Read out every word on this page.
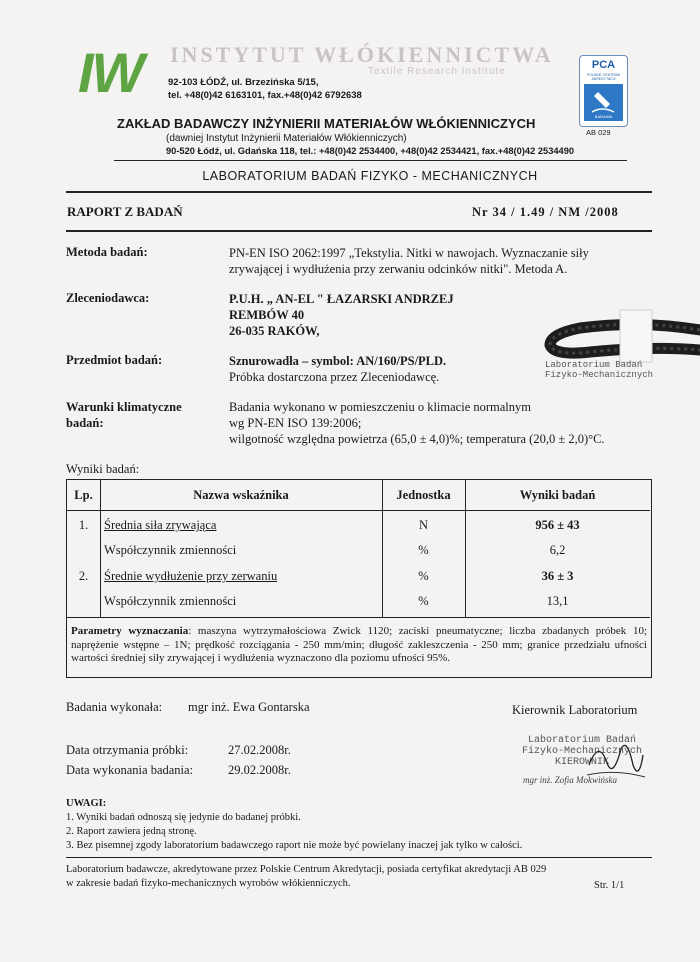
IW INSTYTUT WŁÓKIENNICTWA
Textile Research Institute
92-103 ŁÓDŹ, ul. Brzezińska 5/15,
tel. +48(0)42 6163101, fax.+48(0)42 6792638
PCA
POLSKIE CENTRUM AKREDYTACJI
BADANIA
AB 029
ZAKŁAD BADAWCZY INŻYNIERII MATERIAŁÓW WŁÓKIENNICZYCH
(dawniej Instytut Inżynierii Materiałów Włókienniczych)
90-520 Łódź, ul. Gdańska 118, tel.: +48(0)42 2534400, +48(0)42 2534421, fax.+48(0)42 2534490
LABORATORIUM BADAŃ FIZYKO - MECHANICZNYCH
RAPORT Z BADAŃ	Nr 34 / 1.49 / NM /2008
Metoda badań:	PN-EN ISO 2062:1997 „Tekstylia. Nitki w nawojach. Wyznaczanie siły
zrywającej i wydłużenia przy zerwaniu odcinków nitki". Metoda A.
Zleceniodawca:	P.U.H. „ AN-EL " ŁAZARSKI ANDRZEJ
REMBÓW 40
26-035 RAKÓW,
Laboratorium Badań
Fizyko-Mechanicznych
Przedmiot badań:	Sznurowadła – symbol: AN/160/PS/PLD.
Próbka dostarczona przez Zleceniodawcę.
Warunki klimatyczne
badań:
Badania wykonano w pomieszczeniu o klimacie normalnym
wg PN-EN ISO 139:2006;
wilgotność względna powietrza (65,0 ± 4,0)%; temperatura (20,0 ± 2,0)°C.
Wyniki badań:
Lp.	Nazwa wskaźnika	Jednostka	Wyniki badań
1.	Średnia siła zrywająca	N	956 ± 43
Współczynnik zmienności	%	6,2
2.	Średnie wydłużenie przy zerwaniu	%	36 ± 3
Współczynnik zmienności	%	13,1
Parametry wyznaczania: maszyna wytrzymałościowa Zwick 1120; zaciski pneumatyczne; liczba zbadanych próbek 10; naprężenie wstępne – 1N; prędkość rozciągania - 250 mm/min; długość zakleszczenia - 250 mm; granice przedziału ufności wartości średniej siły zrywającej i wydłużenia wyznaczono dla poziomu ufności 95%.
Badania wykonała: mgr inż. Ewa Gontarska	Kierownik Laboratorium
Data otrzymania próbki:	27.02.2008r.
Data wykonania badania:	29.02.2008r.
Laboratorium Badań
Fizyko-Mechanicznych
KIEROWNIK
mgr inż. Zofia Mokwińska
UWAGI:
1. Wyniki badań odnoszą się jedynie do badanej próbki.
2. Raport zawiera jedną stronę.
3. Bez pisemnej zgody laboratorium badawczego raport nie może być powielany inaczej jak tylko w całości.
Laboratorium badawcze, akredytowane przez Polskie Centrum Akredytacji, posiada certyfikat akredytacji AB 029
w zakresie badań fizyko-mechanicznych wyrobów włókienniczych.	Str. 1/1
